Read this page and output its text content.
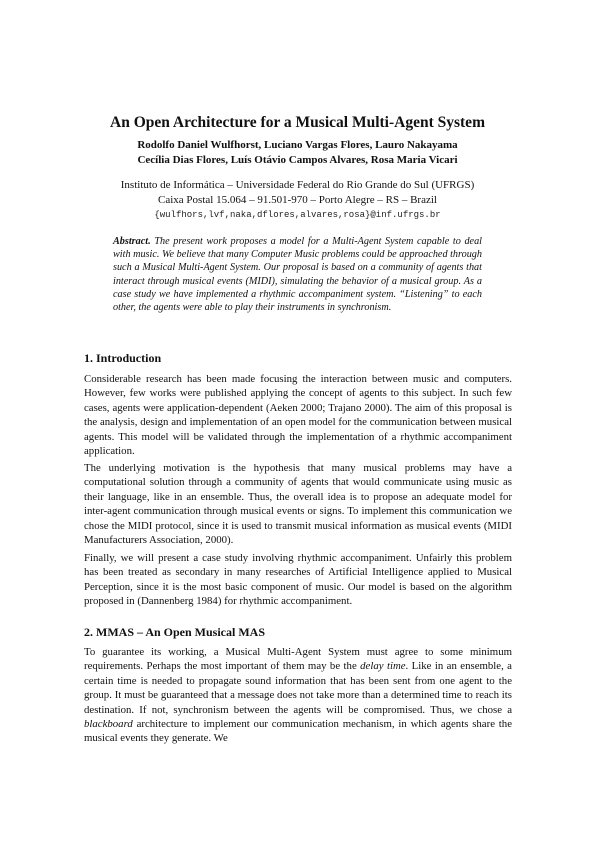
An Open Architecture for a Musical Multi-Agent System
Rodolfo Daniel Wulfhorst, Luciano Vargas Flores, Lauro Nakayama
Cecília Dias Flores, Luís Otávio Campos Alvares, Rosa Maria Vicari
Instituto de Informática – Universidade Federal do Rio Grande do Sul (UFRGS)
Caixa Postal 15.064 – 91.501-970 – Porto Alegre – RS – Brazil
{wulfhors,lvf,naka,dflores,alvares,rosa}@inf.ufrgs.br
Abstract. The present work proposes a model for a Multi-Agent System capable to deal with music. We believe that many Computer Music problems could be approached through such a Musical Multi-Agent System. Our proposal is based on a community of agents that interact through musical events (MIDI), simulating the behavior of a musical group. As a case study we have implemented a rhythmic accompaniment system. “Listening” to each other, the agents were able to play their instruments in synchronism.
1. Introduction
Considerable research has been made focusing the interaction between music and computers. However, few works were published applying the concept of agents to this subject. In such few cases, agents were application-dependent (Aeken 2000; Trajano 2000). The aim of this proposal is the analysis, design and implementation of an open model for the communication between musical agents. This model will be validated through the implementation of a rhythmic accompaniment application.
The underlying motivation is the hypothesis that many musical problems may have a computational solution through a community of agents that would communicate using music as their language, like in an ensemble. Thus, the overall idea is to propose an adequate model for inter-agent communication through musical events or signs. To implement this communication we chose the MIDI protocol, since it is used to transmit musical information as musical events (MIDI Manufacturers Association, 2000).
Finally, we will present a case study involving rhythmic accompaniment. Unfairly this problem has been treated as secondary in many researches of Artificial Intelligence applied to Musical Perception, since it is the most basic component of music. Our model is based on the algorithm proposed in (Dannenberg 1984) for rhythmic accompaniment.
2. MMAS – An Open Musical MAS
To guarantee its working, a Musical Multi-Agent System must agree to some minimum requirements. Perhaps the most important of them may be the delay time. Like in an ensemble, a certain time is needed to propagate sound information that has been sent from one agent to the group. It must be guaranteed that a message does not take more than a determined time to reach its destination. If not, synchronism between the agents will be compromised. Thus, we chose a blackboard architecture to implement our communication mechanism, in which agents share the musical events they generate. We
